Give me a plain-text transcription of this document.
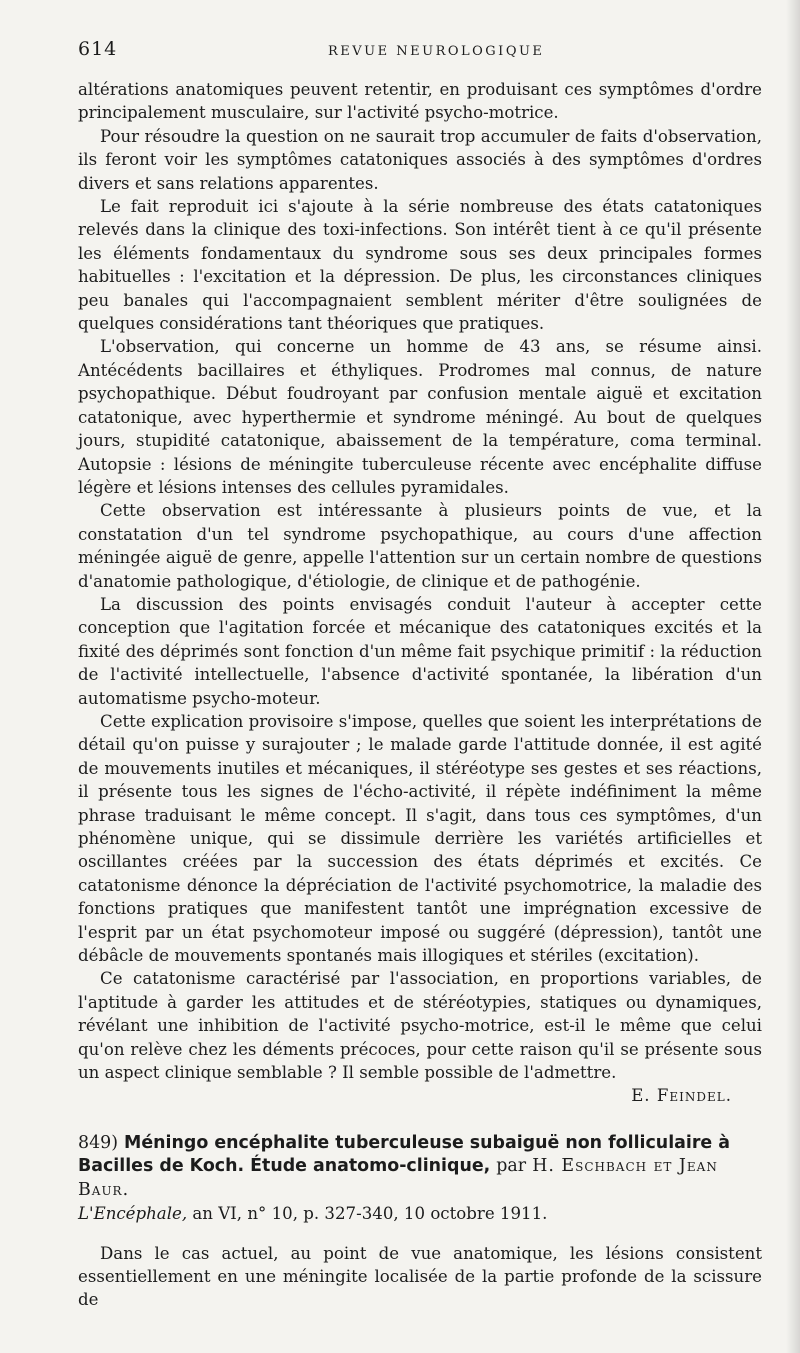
614	REVUE NEUROLOGIQUE

altérations anatomiques peuvent retentir, en produisant ces symptômes d'ordre principalement musculaire, sur l'activité psycho-motrice.

Pour résoudre la question on ne saurait trop accumuler de faits d'observation, ils feront voir les symptômes catatoniques associés à des symptômes d'ordres divers et sans relations apparentes.

Le fait reproduit ici s'ajoute à la série nombreuse des états catatoniques relevés dans la clinique des toxi-infections. Son intérêt tient à ce qu'il présente les éléments fondamentaux du syndrome sous ses deux principales formes habituelles : l'excitation et la dépression. De plus, les circonstances cliniques peu banales qui l'accompagnaient semblent mériter d'être soulignées de quelques considérations tant théoriques que pratiques.

L'observation, qui concerne un homme de 43 ans, se résume ainsi. Antécédents bacillaires et éthyliques. Prodromes mal connus, de nature psychopathique. Début foudroyant par confusion mentale aiguë et excitation catatonique, avec hyperthermie et syndrome méningé. Au bout de quelques jours, stupidité catatonique, abaissement de la température, coma terminal. Autopsie : lésions de méningite tuberculeuse récente avec encéphalite diffuse légère et lésions intenses des cellules pyramidales.

Cette observation est intéressante à plusieurs points de vue, et la constatation d'un tel syndrome psychopathique, au cours d'une affection méningée aiguë de genre, appelle l'attention sur un certain nombre de questions d'anatomie pathologique, d'étiologie, de clinique et de pathogénie.

La discussion des points envisagés conduit l'auteur à accepter cette conception que l'agitation forcée et mécanique des catatoniques excités et la fixité des déprimés sont fonction d'un même fait psychique primitif : la réduction de l'activité intellectuelle, l'absence d'activité spontanée, la libération d'un automatisme psycho-moteur.

Cette explication provisoire s'impose, quelles que soient les interprétations de détail qu'on puisse y surajouter ; le malade garde l'attitude donnée, il est agité de mouvements inutiles et mécaniques, il stéréotype ses gestes et ses réactions, il présente tous les signes de l'écho-activité, il répète indéfiniment la même phrase traduisant le même concept. Il s'agit, dans tous ces symptômes, d'un phénomène unique, qui se dissimule derrière les variétés artificielles et oscillantes créées par la succession des états déprimés et excités. Ce catatonisme dénonce la dépréciation de l'activité psychomotrice, la maladie des fonctions pratiques que manifestent tantôt une imprégnation excessive de l'esprit par un état psychomoteur imposé ou suggéré (dépression), tantôt une débâcle de mouvements spontanés mais illogiques et stériles (excitation).

Ce catatonisme caractérisé par l'association, en proportions variables, de l'aptitude à garder les attitudes et de stéréotypies, statiques ou dynamiques, révélant une inhibition de l'activité psycho-motrice, est-il le même que celui qu'on relève chez les déments précoces, pour cette raison qu'il se présente sous un aspect clinique semblable ? Il semble possible de l'admettre.

E. Feindel.

849) Méningo encéphalite tuberculeuse subaiguë non folliculaire à Bacilles de Koch. Étude anatomo-clinique, par H. Eschbach et Jean Baur.

L'Encéphale, an VI, n° 10, p. 327-340, 10 octobre 1911.

Dans le cas actuel, au point de vue anatomique, les lésions consistent essentiellement en une méningite localisée de la partie profonde de la scissure de
